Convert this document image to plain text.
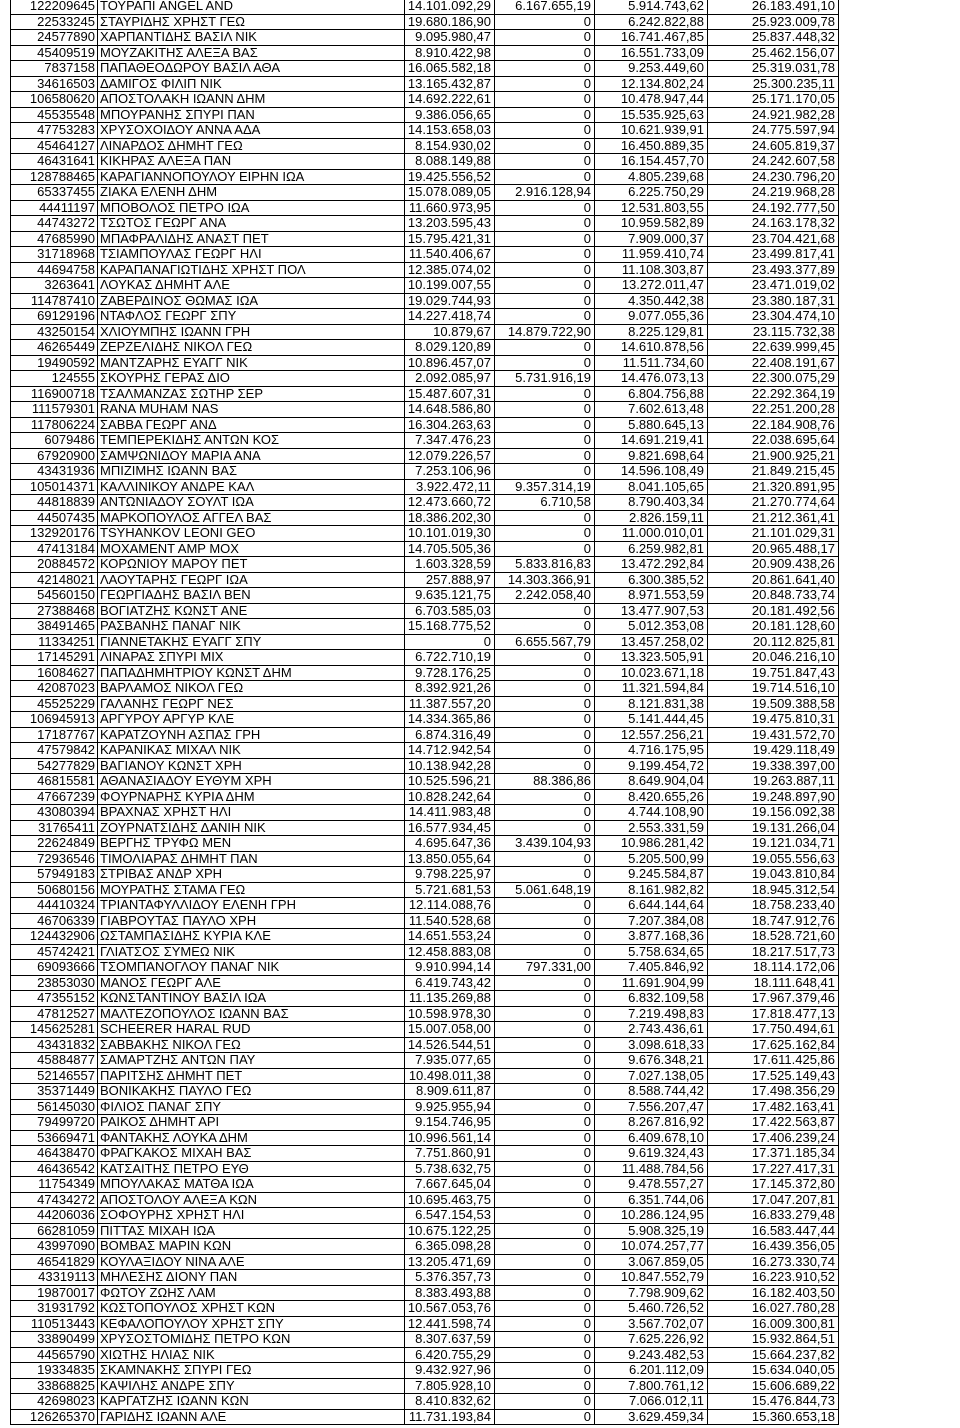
122209645 ΤΟΥΡΑΠΙ ANGEL AND	14.101.092,29	6.167.655,19	5.914.743,62	26.183.491,10
22533245 ΣΤΑΥΡΙΔΗΣ ΧΡΗΣΤ ΓΕΩ	19.680.186,90	0	6.242.822,88	25.923.009,78
24577890 ΧΑΡΠΑΝΤΙΔΗΣ ΒΑΣΙΛ ΝΙΚ	9.095.980,47	0	16.741.467,85	25.837.448,32
45409519 ΜΟΥΖΑΚΙΤΗΣ ΑΛΕΞΑ ΒΑΣ	8.910.422,98	0	16.551.733,09	25.462.156,07
7837158 ΠΑΠΑΘΕΟΔΩΡΟΥ ΒΑΣΙΛ ΑΘΑ	16.065.582,18	0	9.253.449,60	25.319.031,78
34616503 ΔΑΜΙΓΟΣ ΦΙΛΙΠ ΝΙΚ	13.165.432,87	0	12.134.802,24	25.300.235,11
106580620 ΑΠΟΣΤΟΛΑΚΗ ΙΩΑΝΝ ΔΗΜ	14.692.222,61	0	10.478.947,44	25.171.170,05
45535548 ΜΠΟΥΡΑΝΗΣ ΣΠΥΡΙ ΠΑΝ	9.386.056,65	0	15.535.925,63	24.921.982,28
47753283 ΧΡΥΣΟΧΟΙΔΟΥ ΑΝΝΑ ΑΔΑ	14.153.658,03	0	10.621.939,91	24.775.597,94
45464127 ΛΙΝΑΡΔΟΣ ΔΗΜΗΤ ΓΕΩ	8.154.930,02	0	16.450.889,35	24.605.819,37
46431641 ΚΙΚΗΡΑΣ ΑΛΕΞΑ ΠΑΝ	8.088.149,88	0	16.154.457,70	24.242.607,58
128788465 ΚΑΡΑΓΙΑΝΝΟΠΟΥΛΟΥ ΕΙΡΗΝ ΙΩΑ	19.425.556,52	0	4.805.239,68	24.230.796,20
65337455 ΖΙΑΚΑ ΕΛΕΝΗ ΔΗΜ	15.078.089,05	2.916.128,94	6.225.750,29	24.219.968,28
44411197 ΜΠΟΒΟΛΟΣ ΠΕΤΡΟ ΙΩΑ	11.660.973,95	0	12.531.803,55	24.192.777,50
44743272 ΤΣΩΤΟΣ ΓΕΩΡΓ ΑΝΑ	13.203.595,43	0	10.959.582,89	24.163.178,32
47685990 ΜΠΑΦΡΑΛΙΔΗΣ ΑΝΑΣΤ ΠΕΤ	15.795.421,31	0	7.909.000,37	23.704.421,68
31718968 ΤΣΙΑΜΠΟΥΛΑΣ ΓΕΩΡΓ ΗΛΙ	11.540.406,67	0	11.959.410,74	23.499.817,41
44694758 ΚΑΡΑΠΑΝΑΓΙΩΤΙΔΗΣ ΧΡΗΣΤ ΠΟΛ	12.385.074,02	0	11.108.303,87	23.493.377,89
3263641 ΛΟΥΚΑΣ ΔΗΜΗΤ ΑΛΕ	10.199.007,55	0	13.272.011,47	23.471.019,02
114787410 ΖΑΒΕΡΔΙΝΟΣ ΘΩΜΑΣ ΙΩΑ	19.029.744,93	0	4.350.442,38	23.380.187,31
69129196 ΝΤΑΦΛΟΣ ΓΕΩΡΓ ΣΠΥ	14.227.418,74	0	9.077.055,36	23.304.474,10
43250154 ΧΛΙΟΥΜΠΗΣ ΙΩΑΝΝ ΓΡΗ	10.879,67	14.879.722,90	8.225.129,81	23.115.732,38
46265449 ΖΕΡΖΕΛΙΔΗΣ ΝΙΚΟΛ ΓΕΩ	8.029.120,89	0	14.610.878,56	22.639.999,45
19490592 ΜΑΝΤΖΑΡΗΣ ΕΥΑΓΓ ΝΙΚ	10.896.457,07	0	11.511.734,60	22.408.191,67
124555 ΣΚΟΥΡΗΣ ΓΕΡΑΣ ΔΙΟ	2.092.085,97	5.731.916,19	14.476.073,13	22.300.075,29
116900718 ΤΣΑΛΜΑΝΖΑΣ ΣΩΤΗΡ ΣΕΡ	15.487.607,31	0	6.804.756,88	22.292.364,19
111579301 RANA MUHAM NAS	14.648.586,80	0	7.602.613,48	22.251.200,28
117806224 ΣΑΒΒΑ ΓΕΩΡΓ ΑΝΔ	16.304.263,63	0	5.880.645,13	22.184.908,76
6079486 ΤΕΜΠΕΡΕΚΙΔΗΣ ΑΝΤΩΝ ΚΟΣ	7.347.476,23	0	14.691.219,41	22.038.695,64
67920900 ΣΑΜΨΩΝΙΔΟΥ ΜΑΡΙΑ ΑΝΑ	12.079.226,57	0	9.821.698,64	21.900.925,21
43431936 ΜΠΙΖΙΜΗΣ ΙΩΑΝΝ ΒΑΣ	7.253.106,96	0	14.596.108,49	21.849.215,45
105014371 ΚΑΛΛΙΝΙΚΟΥ ΑΝΔΡΕ ΚΑΛ	3.922.472,11	9.357.314,19	8.041.105,65	21.320.891,95
44818839 ΑΝΤΩΝΙΑΔΟΥ ΣΟΥΛΤ ΙΩΑ	12.473.660,72	6.710,58	8.790.403,34	21.270.774,64
44507435 ΜΑΡΚΟΠΟΥΛΟΣ ΑΓΓΕΛ ΒΑΣ	18.386.202,30	0	2.826.159,11	21.212.361,41
132920176 TSYHANKOV LEONI GEO	10.101.019,30	0	11.000.010,01	21.101.029,31
47413184 ΜΟΧΑΜΕΝΤ ΑΜΡ ΜΟΧ	14.705.505,36	0	6.259.982,81	20.965.488,17
20884572 ΚΟΡΩΝΙΟΥ ΜΑΡΟΥ ΠΕΤ	1.603.328,59	5.833.816,83	13.472.292,84	20.909.438,26
42148021 ΛΑΟΥΤΑΡΗΣ ΓΕΩΡΓ ΙΩΑ	257.888,97	14.303.366,91	6.300.385,52	20.861.641,40
54560150 ΓΕΩΡΓΙΑΔΗΣ ΒΑΣΙΛ ΒΕΝ	9.635.121,75	2.242.058,40	8.971.553,59	20.848.733,74
27388468 ΒΟΓΙΑΤΖΗΣ ΚΩΝΣΤ ΑΝΕ	6.703.585,03	0	13.477.907,53	20.181.492,56
38491465 ΡΑΣΒΑΝΗΣ ΠΑΝΑΓ ΝΙΚ	15.168.775,52	0	5.012.353,08	20.181.128,60
11334251 ΓΙΑΝΝΕΤΑΚΗΣ ΕΥΑΓΓ ΣΠΥ	0	6.655.567,79	13.457.258,02	20.112.825,81
17145291 ΛΙΝΑΡΑΣ ΣΠΥΡΙ ΜΙΧ	6.722.710,19	0	13.323.505,91	20.046.216,10
16084627 ΠΑΠΑΔΗΜΗΤΡΙΟΥ ΚΩΝΣΤ ΔΗΜ	9.728.176,25	0	10.023.671,18	19.751.847,43
42087023 ΒΑΡΛΑΜΟΣ ΝΙΚΟΛ ΓΕΩ	8.392.921,26	0	11.321.594,84	19.714.516,10
45525229 ΓΑΛΑΝΗΣ ΓΕΩΡΓ ΝΕΣ	11.387.557,20	0	8.121.831,38	19.509.388,58
106945913 ΑΡΓΥΡΟΥ ΑΡΓΥΡ ΚΛΕ	14.334.365,86	0	5.141.444,45	19.475.810,31
17187767 ΚΑΡΑΤΖΟΥΝΗ ΑΣΠΑΣ ΓΡΗ	6.874.316,49	0	12.557.256,21	19.431.572,70
47579842 ΚΑΡΑΝΙΚΑΣ ΜΙΧΑΛ ΝΙΚ	14.712.942,54	0	4.716.175,95	19.429.118,49
54277829 ΒΑΓΙΑΝΟΥ ΚΩΝΣΤ ΧΡΗ	10.138.942,28	0	9.199.454,72	19.338.397,00
46815581 ΑΘΑΝΑΣΙΑΔΟΥ ΕΥΘΥΜ ΧΡΗ	10.525.596,21	88.386,86	8.649.904,04	19.263.887,11
47667239 ΦΟΥΡΝΑΡΗΣ ΚΥΡΙΑ ΔΗΜ	10.828.242,64	0	8.420.655,26	19.248.897,90
43080394 ΒΡΑΧΝΑΣ ΧΡΗΣΤ ΗΛΙ	14.411.983,48	0	4.744.108,90	19.156.092,38
31765411 ΖΟΥΡΝΑΤΣΙΔΗΣ ΔΑΝΙΗ ΝΙΚ	16.577.934,45	0	2.553.331,59	19.131.266,04
22624849 ΒΕΡΓΗΣ ΤΡΥΦΩ ΜΕΝ	4.695.647,36	3.439.104,93	10.986.281,42	19.121.034,71
72936546 ΤΙΜΟΛΙΑΡΑΣ ΔΗΜΗΤ ΠΑΝ	13.850.055,64	0	5.205.500,99	19.055.556,63
57949183 ΣΤΡΙΒΑΣ ΑΝΔΡ ΧΡΗ	9.798.225,97	0	9.245.584,87	19.043.810,84
50680156 ΜΟΥΡΑΤΗΣ ΣΤΑΜΑ ΓΕΩ	5.721.681,53	5.061.648,19	8.161.982,82	18.945.312,54
44410324 ΤΡΙΑΝΤΑΦΥΛΛΙΔΟΥ ΕΛΕΝΗ ΓΡΗ	12.114.088,76	0	6.644.144,64	18.758.233,40
46706339 ΓΙΑΒΡΟΥΤΑΣ ΠΑΥΛΟ ΧΡΗ	11.540.528,68	0	7.207.384,08	18.747.912,76
124432906 ΩΣΤΑΜΠΑΣΙΔΗΣ ΚΥΡΙΑ ΚΛΕ	14.651.553,24	0	3.877.168,36	18.528.721,60
45742421 ΓΛΙΑΤΣΟΣ ΣΥΜΕΩ ΝΙΚ	12.458.883,08	0	5.758.634,65	18.217.517,73
69093666 ΤΣΟΜΠΑΝΟΓΛΟΥ ΠΑΝΑΓ ΝΙΚ	9.910.994,14	797.331,00	7.405.846,92	18.114.172,06
23853030 ΜΑΝΟΣ ΓΕΩΡΓ ΑΛΕ	6.419.743,42	0	11.691.904,99	18.111.648,41
47355152 ΚΩΝΣΤΑΝΤΙΝΟΥ ΒΑΣΙΛ ΙΩΑ	11.135.269,88	0	6.832.109,58	17.967.379,46
47812527 ΜΑΛΤΕΖΟΠΟΥΛΟΣ ΙΩΑΝΝ ΒΑΣ	10.598.978,30	0	7.219.498,83	17.818.477,13
145625281 SCHEERER HARAL RUD	15.007.058,00	0	2.743.436,61	17.750.494,61
43431832 ΣΑΒΒΑΚΗΣ ΝΙΚΟΛ ΓΕΩ	14.526.544,51	0	3.098.618,33	17.625.162,84
45884877 ΣΑΜΑΡΤΖΗΣ ΑΝΤΩΝ ΠΑΥ	7.935.077,65	0	9.676.348,21	17.611.425,86
52146557 ΠΑΡΙΤΣΗΣ ΔΗΜΗΤ ΠΕΤ	10.498.011,38	0	7.027.138,05	17.525.149,43
35371449 ΒΟΝΙΚΑΚΗΣ ΠΑΥΛΟ ΓΕΩ	8.909.611,87	0	8.588.744,42	17.498.356,29
56145030 ΦΙΛΙΟΣ ΠΑΝΑΓ ΣΠΥ	9.925.955,94	0	7.556.207,47	17.482.163,41
79499720 ΡΑΙΚΟΣ ΔΗΜΗΤ ΑΡΙ	9.154.746,95	0	8.267.816,92	17.422.563,87
53669471 ΦΑΝΤΑΚΗΣ ΛΟΥΚΑ ΔΗΜ	10.996.561,14	0	6.409.678,10	17.406.239,24
46438470 ΦΡΑΓΚΑΚΟΣ ΜΙΧΑΗ ΒΑΣ	7.751.860,91	0	9.619.324,43	17.371.185,34
46436542 ΚΑΤΣΑΙΤΗΣ ΠΕΤΡΟ ΕΥΘ	5.738.632,75	0	11.488.784,56	17.227.417,31
11754349 ΜΠΟΥΛΑΚΑΣ ΜΑΤΘΑ ΙΩΑ	7.667.645,04	0	9.478.557,27	17.145.372,80
47434272 ΑΠΟΣΤΟΛΟΥ ΑΛΕΞΑ ΚΩΝ	10.695.463,75	0	6.351.744,06	17.047.207,81
44206036 ΣΟΦΟΥΡΗΣ ΧΡΗΣΤ ΗΛΙ	6.547.154,53	0	10.286.124,95	16.833.279,48
66281059 ΠΙΤΤΑΣ ΜΙΧΑΗ ΙΩΑ	10.675.122,25	0	5.908.325,19	16.583.447,44
43997090 ΒΟΜΒΑΣ ΜΑΡΙΝ ΚΩΝ	6.365.098,28	0	10.074.257,77	16.439.356,05
46541829 ΚΟΥΛΑΞΙΔΟΥ ΝΙΝΑ ΑΛΕ	13.205.471,69	0	3.067.859,05	16.273.330,74
43319113 ΜΗΛΕΣΗΣ ΔΙΟΝΥ ΠΑΝ	5.376.357,73	0	10.847.552,79	16.223.910,52
19870017 ΦΩΤΟΥ ΖΩΗΣ ΛΑΜ	8.383.493,88	0	7.798.909,62	16.182.403,50
31931792 ΚΩΣΤΟΠΟΥΛΟΣ ΧΡΗΣΤ ΚΩΝ	10.567.053,76	0	5.460.726,52	16.027.780,28
110513443 ΚΕΦΑΛΟΠΟΥΛΟΥ ΧΡΗΣΤ ΣΠΥ	12.441.598,74	0	3.567.702,07	16.009.300,81
33890499 ΧΡΥΣΟΣΤΟΜΙΔΗΣ ΠΕΤΡΟ ΚΩΝ	8.307.637,59	0	7.625.226,92	15.932.864,51
44565790 ΧΙΩΤΗΣ ΗΛΙΑΣ ΝΙΚ	6.420.755,29	0	9.243.482,53	15.664.237,82
19334835 ΣΚΑΜΝΑΚΗΣ ΣΠΥΡΙ ΓΕΩ	9.432.927,96	0	6.201.112,09	15.634.040,05
33868825 ΚΑΨΙΛΗΣ ΑΝΔΡΕ ΣΠΥ	7.805.928,10	0	7.800.761,12	15.606.689,22
42698023 ΚΑΡΓΑΤΖΗΣ ΙΩΑΝΝ ΚΩΝ	8.410.832,62	0	7.066.012,11	15.476.844,73
126265370 ΓΑΡΙΔΗΣ ΙΩΑΝΝ ΑΛΕ	11.731.193,84	0	3.629.459,34	15.360.653,18
